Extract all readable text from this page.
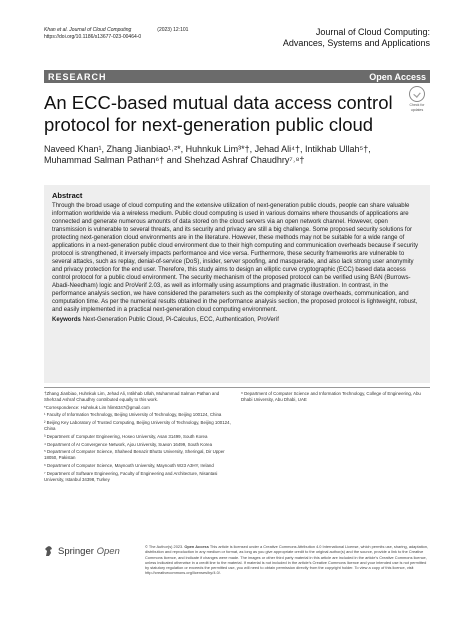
Khan et al. Journal of Cloud Computing	(2023) 12:101
https://doi.org/10.1186/s13677-023-00464-0	Journal of Cloud Computing:
Advances, Systems and Applications
RESEARCH	Open Access
An ECC-based mutual data access control protocol for next-generation public cloud
Check for
updates
Naveed Khan¹, Zhang Jianbiao¹˒²*, Huhnkuk Lim³*†, Jehad Ali⁴†, Intikhab Ullah⁵†,
Muhammad Salman Pathan⁶† and Shehzad Ashraf Chaudhry⁷˒⁸†
Abstract
Through the broad usage of cloud computing and the extensive utilization of next-generation public clouds, people can share valuable information worldwide via a wireless medium. Public cloud computing is used in various domains where thousands of applications are connected and generate numerous amounts of data stored on the cloud servers via an open network channel. However, open transmission is vulnerable to several threats, and its security and privacy are still a big challenge. Some proposed security solutions for protecting next-generation cloud environments are in the literature. However, these methods may not be suitable for a wide range of applications in a next-generation public cloud environment due to their high computing and communication overheads because if security protocol is strengthened, it inversely impacts performance and vice versa. Furthermore, these security frameworks are vulnerable to several attacks, such as replay, denial-of-service (DoS), insider, server spoofing, and masquerade, and also lack strong user anonymity and privacy protection for the end user. Therefore, this study aims to design an elliptic curve cryptographic (ECC) based data access control protocol for a public cloud environment. The security mechanism of the proposed protocol can be verified using BAN (Burrows-Abadi-Needham) logic and ProVerif 2.03, as well as informally using assumptions and pragmatic illustration. In contrast, in the performance analysis section, we have considered the parameters such as the complexity of storage overheads, communication, and computation time. As per the numerical results obtained in the performance analysis section, the proposed protocol is lightweight, robust, and easily implemented in a practical next-generation cloud computing environment.
Keywords Next-Generation Public Cloud, Pi-Calculus, ECC, Authentication, ProVerif

†Zhang Jianbiao, Huhnkuk Lim, Jehad Ali, Intikhab Ullah, Muhammad Salman Pathan and Shehzad Ashraf Chaudhry contributed equally to this work.

*Correspondence: Huhnkuk Lim hlim6347@gmail.com

¹ Faculty of Information Technology, Beijing University of Technology, Beijing 100124, China

² Beijing Key Laboratory of Trusted Computing, Beijing University of Technology, Beijing 100124, China

³ Department of Computer Engineering, Hoseo University, Asan 31499, South Korea

⁴ Department of AI Convergence Network, Ajou University, Suwon 16499, South Korea

⁵ Department of Computer Science, Shaheed Benazir Bhutto University, Sheringal, Dir Upper 18050, Pakistan

⁶ Department of Computer Science, Maynooth University, Maynooth W23 A3HY, Ireland

⁷ Department of Software Engineering, Faculty of Engineering and Architecture, Nisantasi University, Istanbul 34398, Turkey

⁸ Department of Computer Science and Information Technology, College of Engineering, Abu Dhabi University, Abu Dhabi, UAE

Springer Open	© The Author(s) 2023. Open Access This article is licensed under a Creative Commons Attribution 4.0 International License, which permits use, sharing, adaptation, distribution and reproduction in any medium or format, as long as you give appropriate credit to the original author(s) and the source, provide a link to the Creative Commons licence, and indicate if changes were made. The images or other third party material in this article are included in the article's Creative Commons licence, unless indicated otherwise in a credit line to the material. If material is not included in the article's Creative Commons licence and your intended use is not permitted by statutory regulation or exceeds the permitted use, you will need to obtain permission directly from the copyright holder. To view a copy of this licence, visit http://creativecommons.org/licenses/by/4.0/.
